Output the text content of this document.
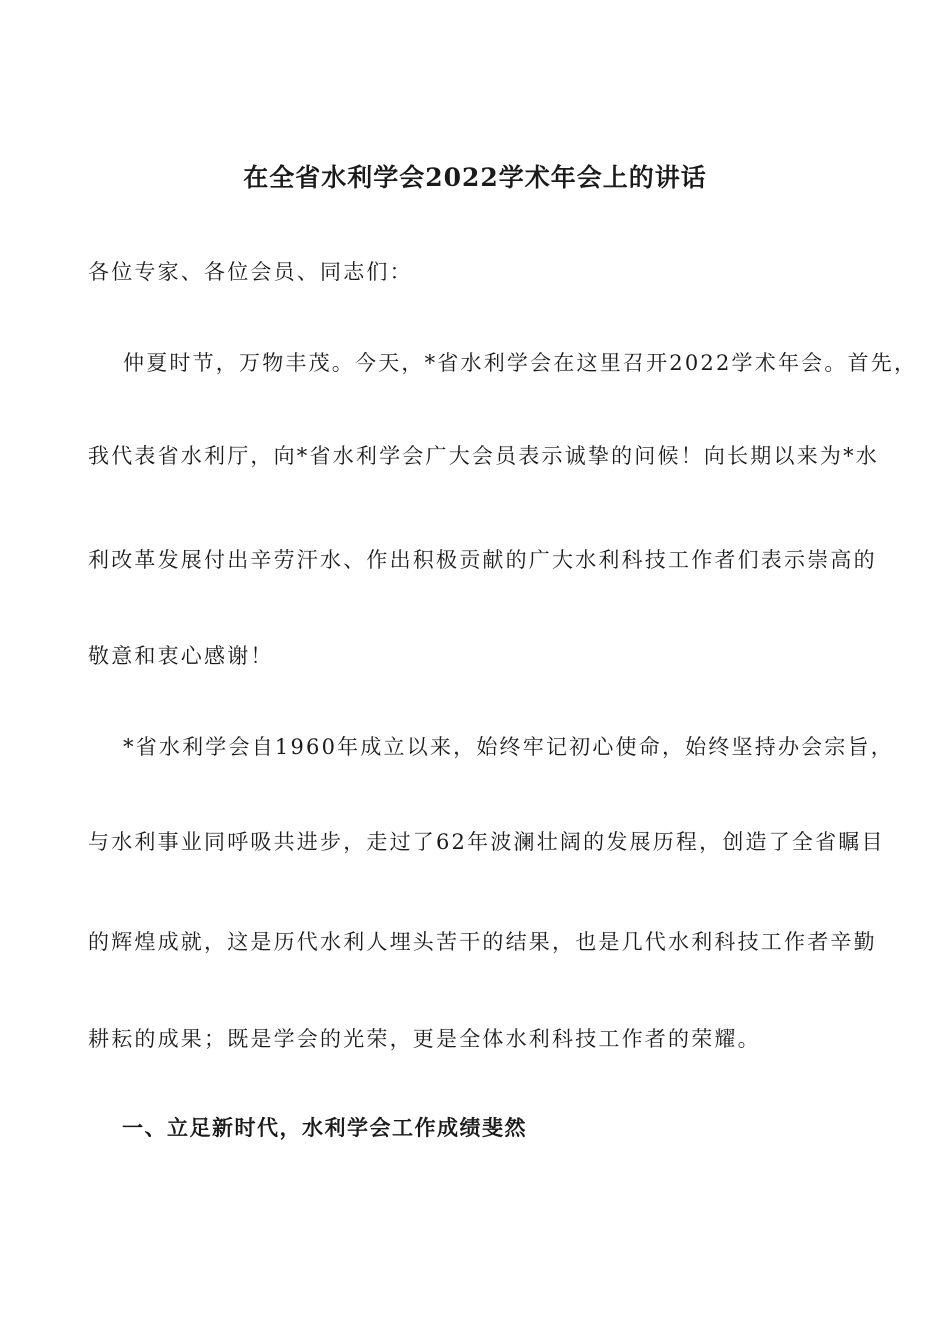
在全省水利学会2022学术年会上的讲话
各位专家、各位会员、同志们：
仲夏时节，万物丰茂。今天，*省水利学会在这里召开2022学术年会。首先，
我代表省水利厅，向*省水利学会广大会员表示诚挚的问候！向长期以来为*水
利改革发展付出辛劳汗水、作出积极贡献的广大水利科技工作者们表示崇高的
敬意和衷心感谢！
*省水利学会自1960年成立以来，始终牢记初心使命，始终坚持办会宗旨，
与水利事业同呼吸共进步，走过了62年波澜壮阔的发展历程，创造了全省瞩目
的辉煌成就，这是历代水利人埋头苦干的结果，也是几代水利科技工作者辛勤
耕耘的成果；既是学会的光荣，更是全体水利科技工作者的荣耀。
一、立足新时代，水利学会工作成绩斐然
